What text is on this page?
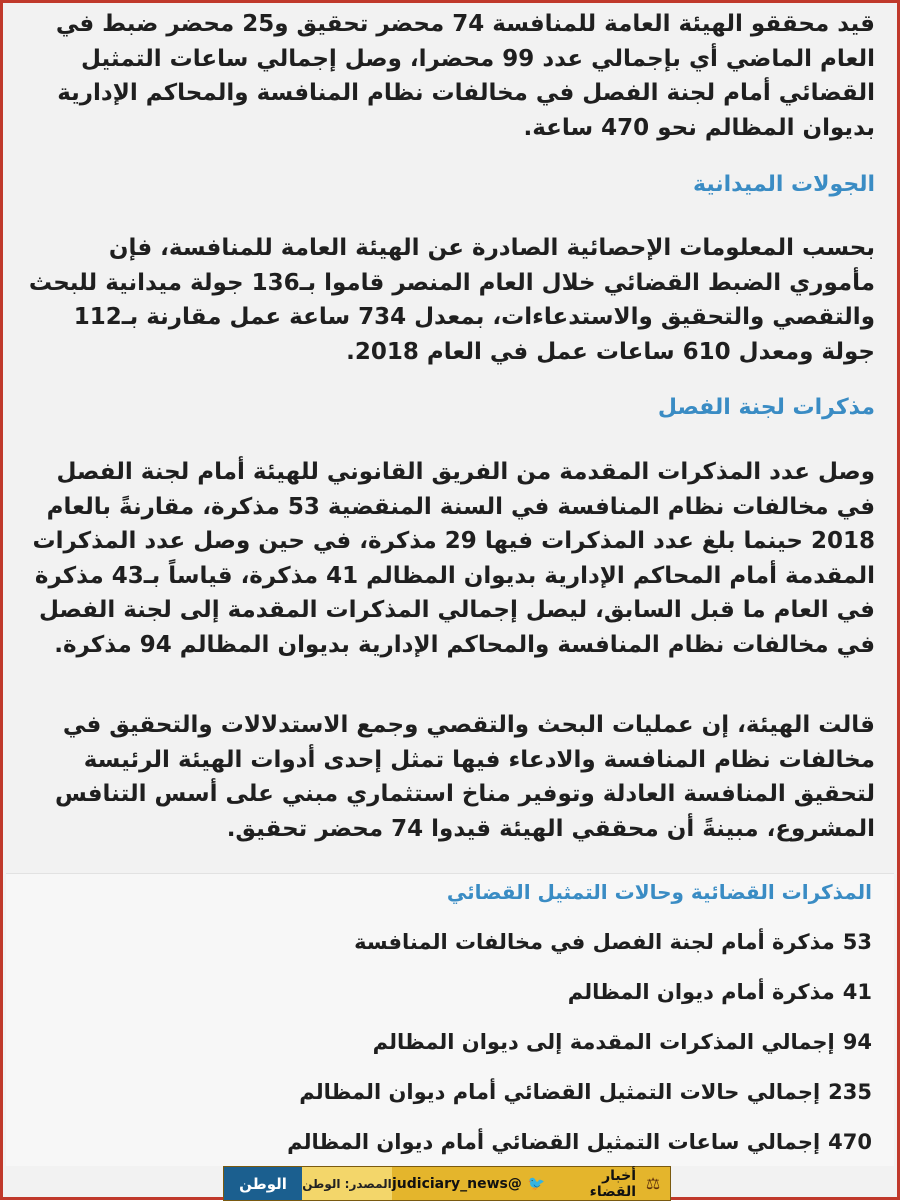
قيد محققو الهيئة العامة للمنافسة 74 محضر تحقيق و25 محضر ضبط في العام الماضي أي بإجمالي عدد 99 محضرا، وصل إجمالي ساعات التمثيل القضائي أمام لجنة الفصل في مخالفات نظام المنافسة والمحاكم الإدارية بديوان المظالم نحو 470 ساعة.

الجولات الميدانية

بحسب المعلومات الإحصائية الصادرة عن الهيئة العامة للمنافسة، فإن مأموري الضبط القضائي خلال العام المنصر قاموا بـ136 جولة ميدانية للبحث والتقصي والتحقيق والاستدعاءات، بمعدل 734 ساعة عمل مقارنة بـ112 جولة ومعدل 610 ساعات عمل في العام 2018.

مذكرات لجنة الفصل

وصل عدد المذكرات المقدمة من الفريق القانوني للهيئة أمام لجنة الفصل في مخالفات نظام المنافسة في السنة المنقضية 53 مذكرة، مقارنةً بالعام 2018 حينما بلغ عدد المذكرات فيها 29 مذكرة، في حين وصل عدد المذكرات المقدمة أمام المحاكم الإدارية بديوان المظالم 41 مذكرة، قياساً بـ43 مذكرة في العام ما قبل السابق، ليصل إجمالي المذكرات المقدمة إلى لجنة الفصل في مخالفات نظام المنافسة والمحاكم الإدارية بديوان المظالم 94 مذكرة.

قالت الهيئة، إن عمليات البحث والتقصي وجمع الاستدلالات والتحقيق في مخالفات نظام المنافسة والادعاء فيها تمثل إحدى أدوات الهيئة الرئيسة لتحقيق المنافسة العادلة وتوفير مناخ استثماري مبني على أسس التنافس المشروع، مبينةً أن محققي الهيئة قيدوا 74 محضر تحقيق.

المذكرات القضائية وحالات التمثيل القضائي
53مذكرة أمام لجنة الفصل في مخالفات المنافسة
41مذكرة أمام ديوان المظالم
94إجمالي المذكرات المقدمة إلى ديوان المظالم
235إجمالي حالات التمثيل القضائي أمام ديوان المظالم
470إجمالي ساعات التمثيل القضائي أمام ديوان المظالم
الوطن	المصدر: الوطن	أخبار القضاء
🐦
@judiciary_news	⚖
